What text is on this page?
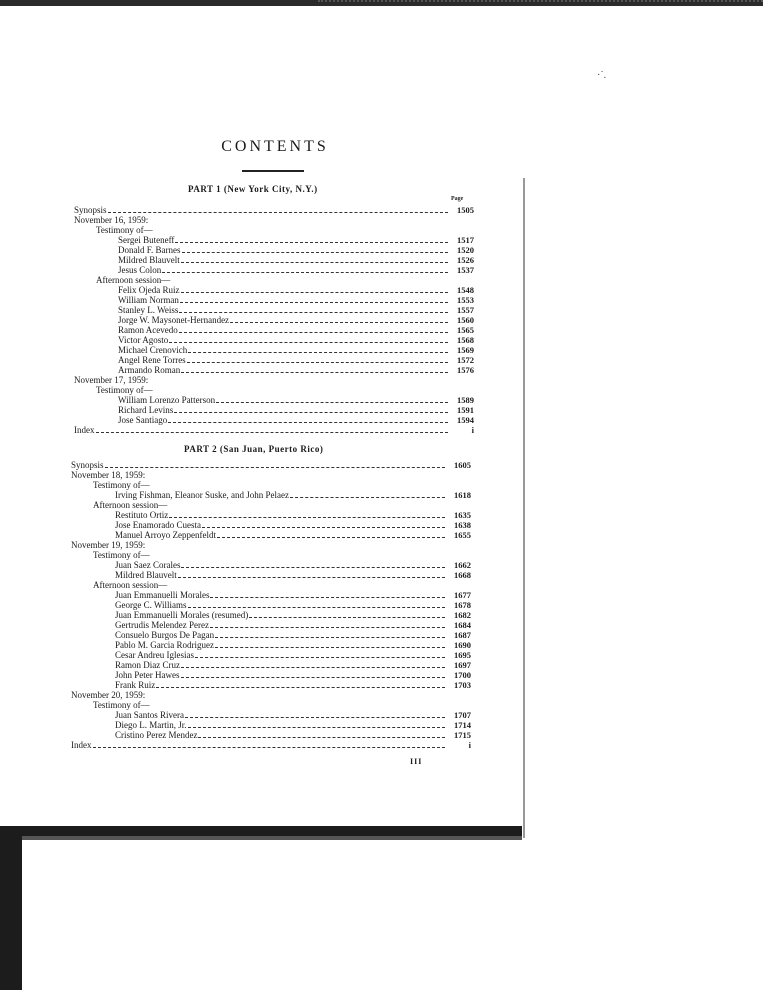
·˙.
CONTENTS
PART 1 (New York City, N.Y.)
Page
Synopsis	1505
November 16, 1959:
Testimony of—
Sergei Buteneff	1517
Donald F. Barnes	1520
Mildred Blauvelt	1526
Jesus Colon	1537
Afternoon session—
Felix Ojeda Ruiz	1548
William Norman	1553
Stanley L. Weiss	1557
Jorge W. Maysonet-Hernandez	1560
Ramon Acevedo	1565
Victor Agosto	1568
Michael Crenovich	1569
Angel Rene Torres	1572
Armando Roman	1576
November 17, 1959:
Testimony of—
William Lorenzo Patterson	1589
Richard Levins	1591
Jose Santiago	1594
Index	i
PART 2 (San Juan, Puerto Rico)
Synopsis	1605
November 18, 1959:
Testimony of—
Irving Fishman, Eleanor Suske, and John Pelaez	1618
Afternoon session—
Restituto Ortiz	1635
Jose Enamorado Cuesta	1638
Manuel Arroyo Zeppenfeldt	1655
November 19, 1959:
Testimony of—
Juan Saez Corales	1662
Mildred Blauvelt	1668
Afternoon session—
Juan Emmanuelli Morales	1677
George C. Williams	1678
Juan Emmanuelli Morales (resumed)	1682
Gertrudis Melendez Perez	1684
Consuelo Burgos De Pagan	1687
Pablo M. Garcia Rodriguez	1690
Cesar Andreu Iglesias	1695
Ramon Diaz Cruz	1697
John Peter Hawes	1700
Frank Ruiz	1703
November 20, 1959:
Testimony of—
Juan Santos Rivera	1707
Diego L. Martin, Jr.	1714
Cristino Perez Mendez	1715
Index	i
III
